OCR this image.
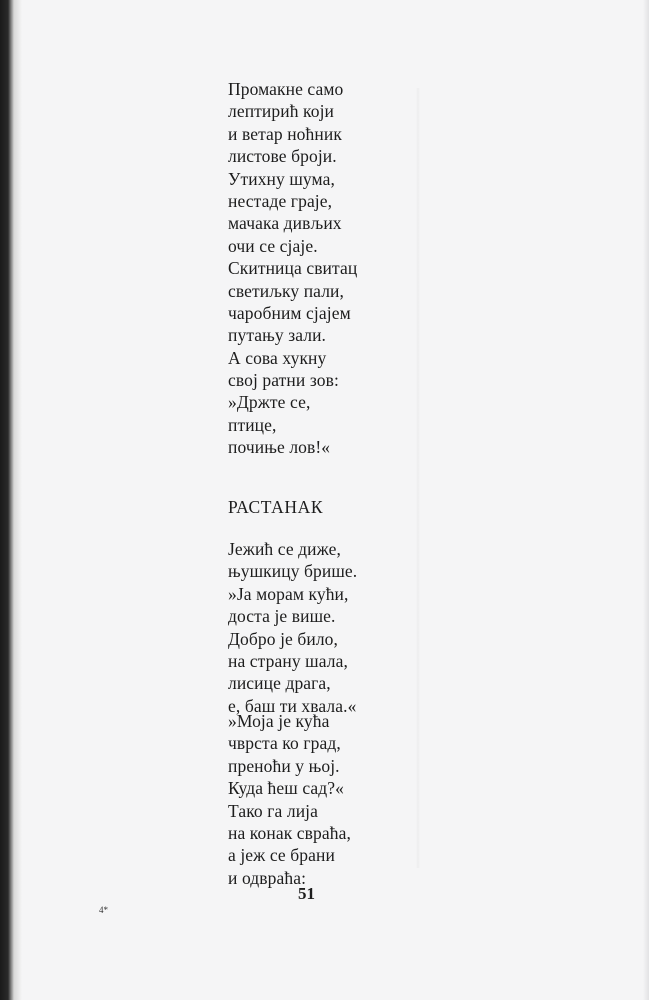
Промакне само
лептирић који
и ветар ноћник
листове броји.
Утихну шума,
нестаде граје,
мачака дивљих
очи се сјаје.
Скитница свитац
светиљку пали,
чаробним сјајем
путању зали.
А сова хукну
свој ратни зов:
»Држте се,
птице,
почиње лов!«
РАСТАНАК
Јежић се диже,
њушкицу брише.
»Ја морам кући,
доста је више.
Добро је било,
на страну шала,
лисице драга,
е, баш ти хвала.«
»Моја је кућа
чврста ко град,
преноћи у њој.
Куда ћеш сад?«
Тако га лија
на конак свраћа,
а јеж се брани
и одвраћа:
51
4*
